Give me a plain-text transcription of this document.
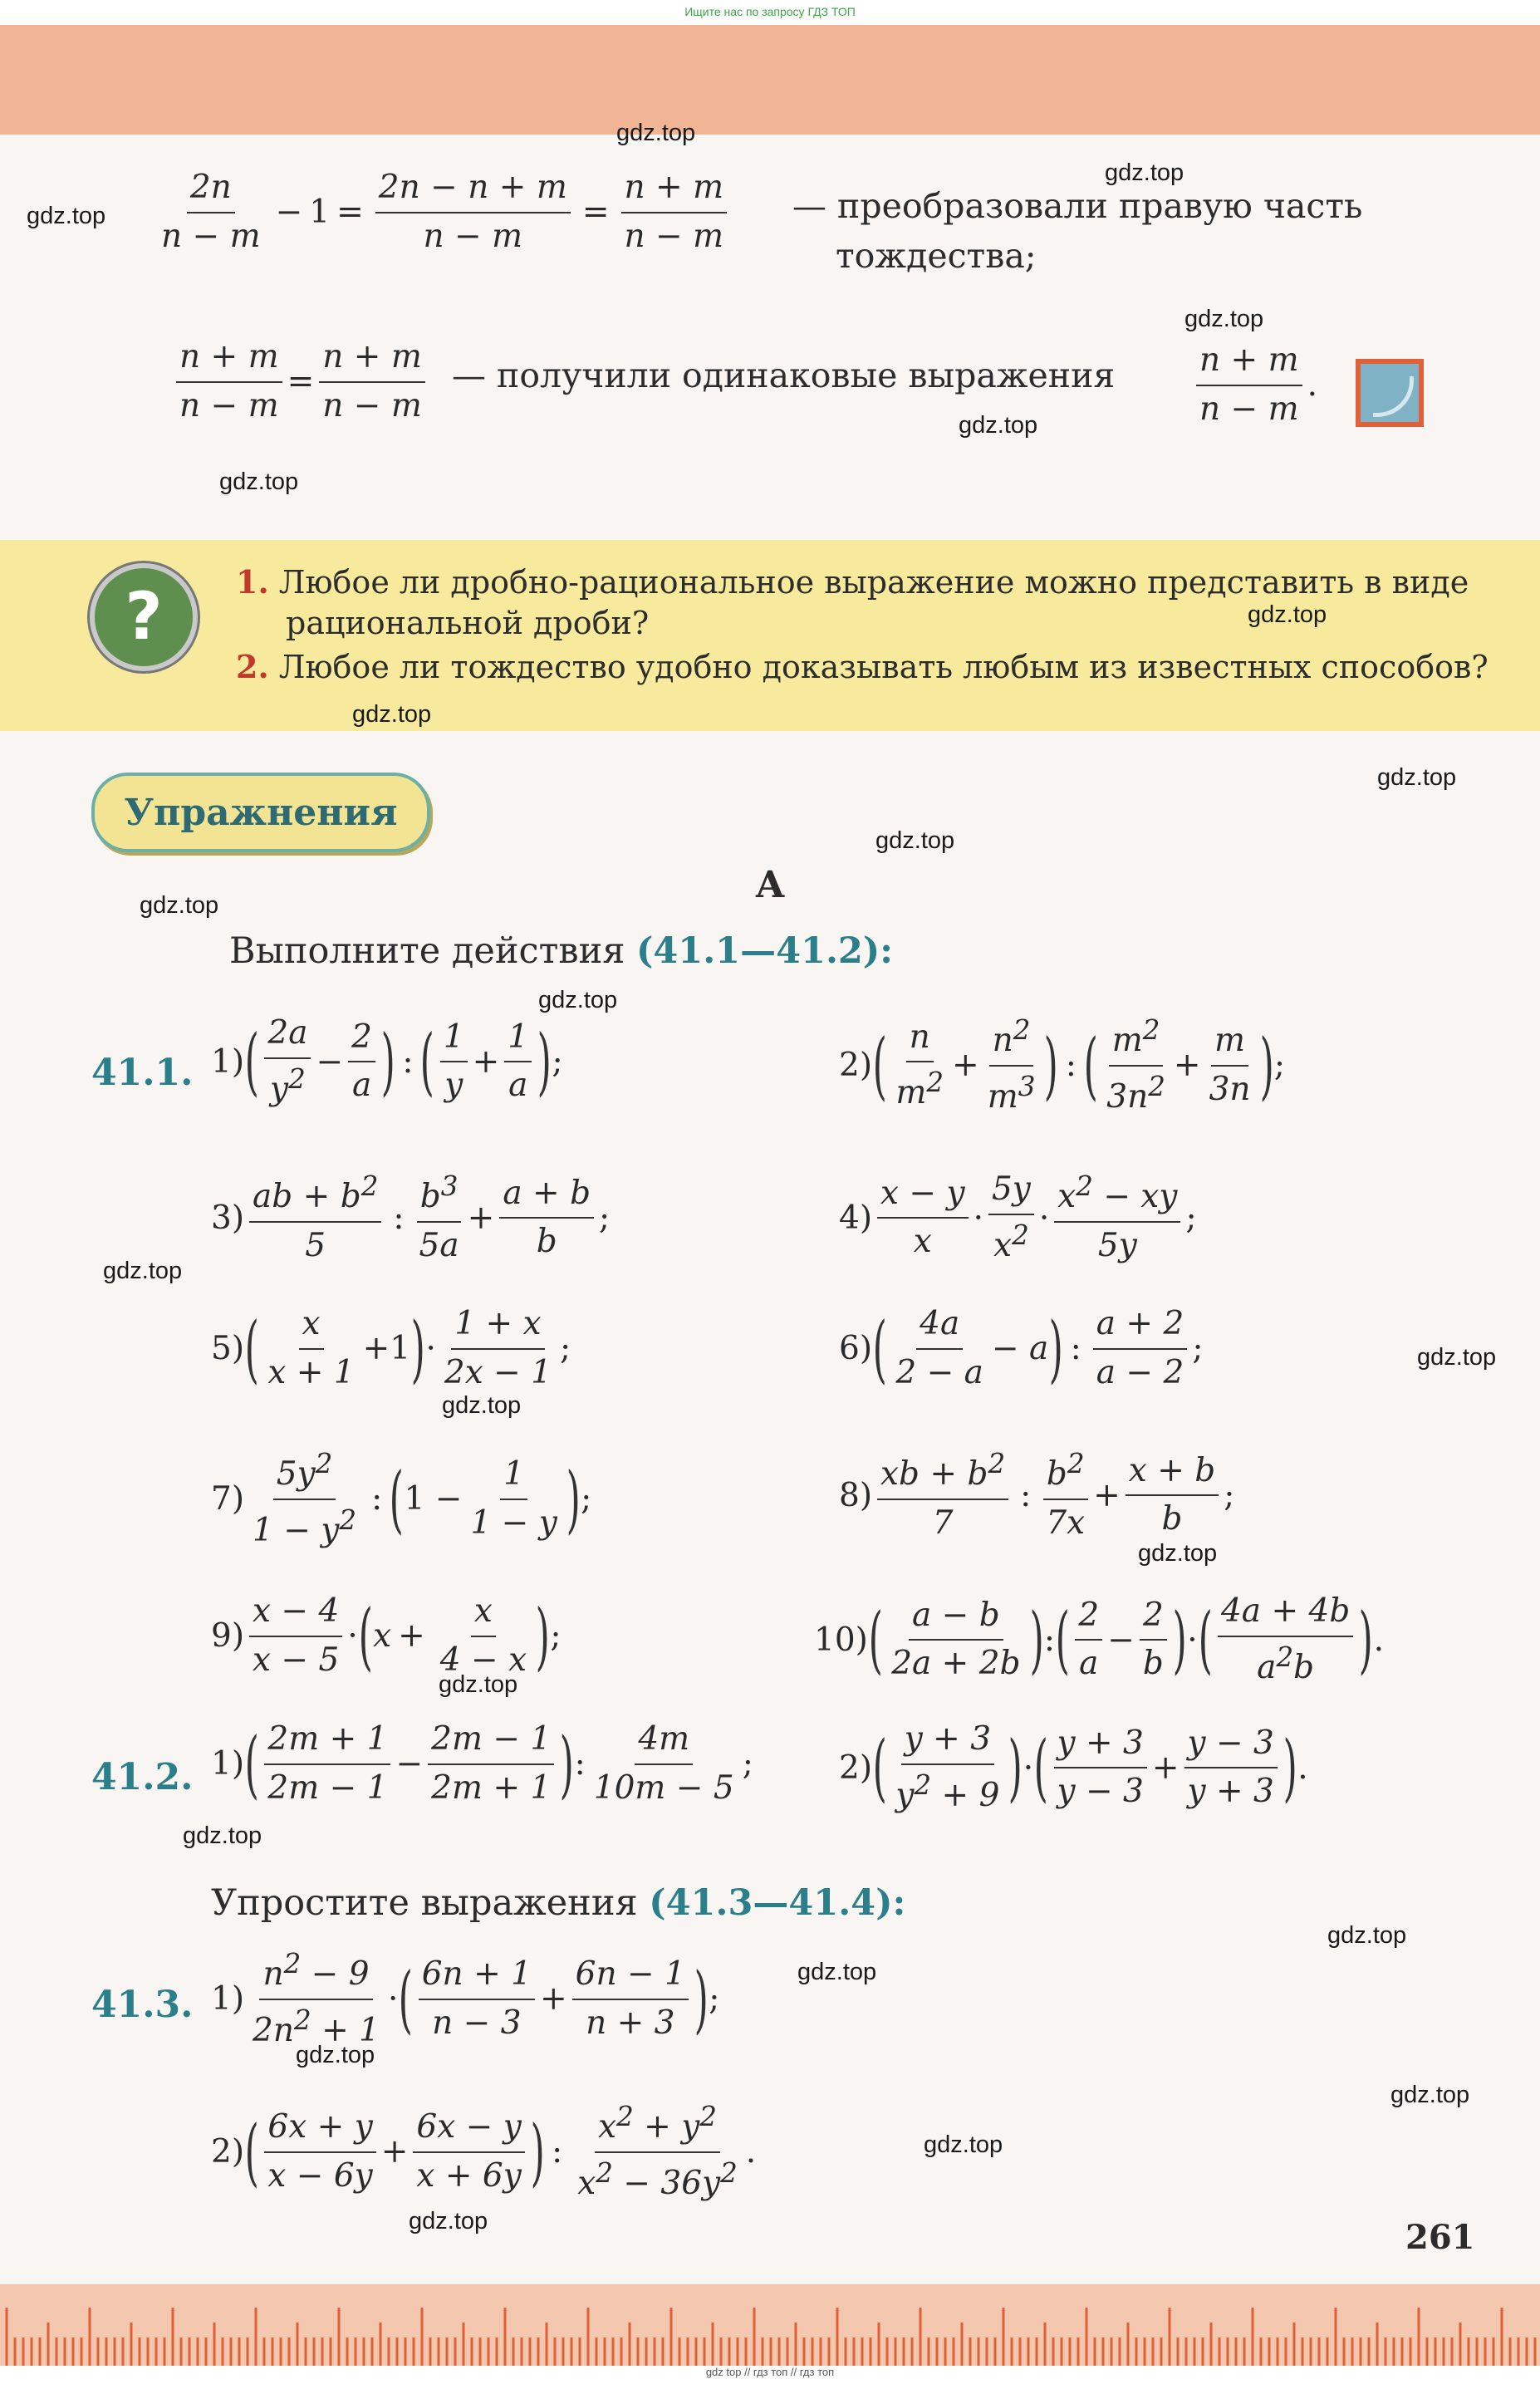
Ищите нас по запросу ГДЗ ТОП
$\frac{2n}{n - m} - 1 = \frac{2n - n + m}{n - m} = \frac{n + m}{n - m}$ — преобразовали правую часть
тождества;
$\frac{n + m}{n - m} = \frac{n + m}{n - m}$ — получили одинаковые выражения	$\frac{n + m}{n - m}$ .
?	1. Любое ли дробно-рациональное выражение можно представить в виде
рациональной дроби?
2. Любое ли тождество удобно доказывать любым из известных способов?
Упражнения
A
Выполните действия (41.1—41.2):
41.1. 1) ( $\frac{2a}{y^2} - \frac{2}{a}$ ) : ( $\frac{1}{y} + \frac{1}{a}$ ) ;	2) ( $\frac{n}{m^2} + \frac{n^2}{m^3}$ ) : ( $\frac{m^2}{3n^2} + \frac{m}{3n}$ ) ;
$3) \frac{ab + b^2}{5}$ : $\frac{b^3}{5a} + \frac{a + b}{b}$ ;	$4) \frac{x - y}{x} \cdot \frac{5y}{x^2} \cdot \frac{x^2 - xy}{5y}$ ;
5) ( $\frac{x}{x + 1} +1$ ) · $\frac{1 + x}{2x - 1}$ ;	6) ( $\frac{4a}{2 - a} - a$ ) : $\frac{a + 2}{a - 2}$ ;
$7) \frac{5y^2}{1 - y^2}$ : ( $1 - \frac{1}{1 - y}$ ) ;	$8) \frac{xb + b^2}{7}$ : $\frac{b^2}{7x} + \frac{x + b}{b}$ ;
$9) \frac{x - 4}{x - 5}$ · ( $x + \frac{x}{4 - x}$ ) ;	10) ( $\frac{a - b}{2a + 2b}$ ) : ( $\frac{2}{a} - \frac{2}{b}$ ) · ( $\frac{4a + 4b}{a^2b}$ ) .
41.2. 1) ( $\frac{2m + 1}{2m - 1} - \frac{2m - 1}{2m + 1}$ ) : $\frac{4m}{10m - 5}$ ;	2) ( $\frac{y + 3}{y^2 + 9}$ ) · ( $\frac{y + 3}{y - 3} + \frac{y - 3}{y + 3}$ ) .
Упростите выражения (41.3—41.4):
41.3. $1) \frac{n^2 - 9}{2n^2 + 1}$ · ( $\frac{6n + 1}{n - 3} + \frac{6n - 1}{n + 3}$ ) ;
2) ( $\frac{6x + y}{x - 6y} + \frac{6x - y}{x + 6y}$ ) : $\frac{x^2 + y^2}{x^2 - 36y^2}$ .
261
gdz.top
gdz.top
gdz.top
gdz.top
gdz.top
gdz.top
gdz.top
gdz.top
gdz.top
gdz.top
gdz.top
gdz.top
gdz.top
gdz.top
gdz.top
gdz.top
gdz.top
gdz.top
gdz.top
gdz.top
gdz.top
gdz.top
gdz.top
gdz.top
gdz top // гдз топ // гдз топ
